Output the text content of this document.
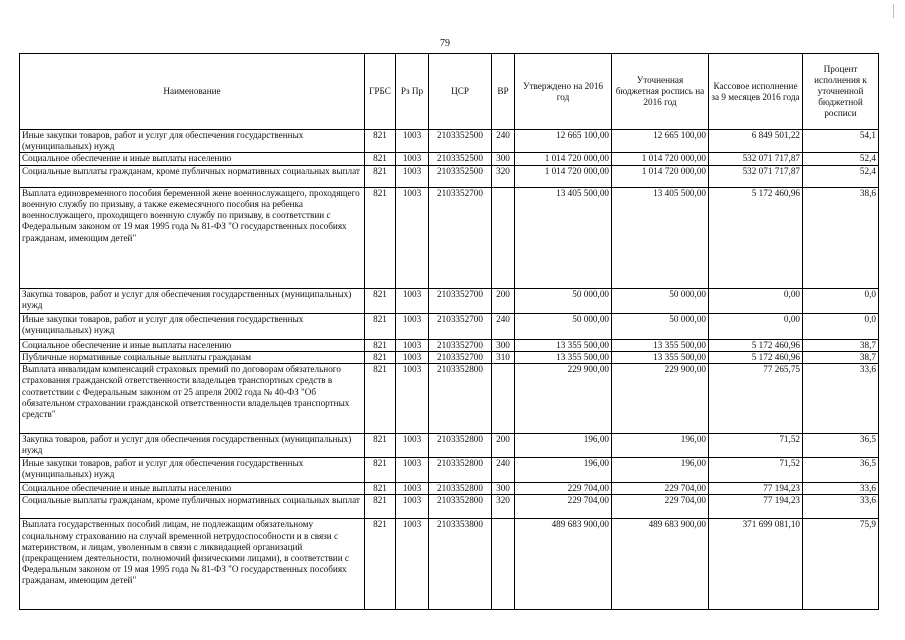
79
Наименование	ГРБС	Рз Пр	ЦСР	ВР	Утверждено на 2016 год	Уточненная бюджетная роспись на 2016 год	Кассовое исполнение за 9 месяцев 2016 года	Процент исполнения к уточненной бюджетной росписи
Иные закупки товаров, работ и услуг для обеспечения государственных (муниципальных) нужд	821	1003	2103352500	240	12 665 100,00	12 665 100,00	6 849 501,22	54,1
Социальное обеспечение и иные выплаты населению	821	1003	2103352500	300	1 014 720 000,00	1 014 720 000,00	532 071 717,87	52,4
Социальные выплаты гражданам, кроме публичных нормативных социальных выплат	821	1003	2103352500	320	1 014 720 000,00	1 014 720 000,00	532 071 717,87	52,4
Выплата единовременного пособия беременной жене военнослужащего, проходящего военную службу по призыву, а также ежемесячного пособия на ребенка военнослужащего, проходящего военную службу по призыву, в соответствии с Федеральным законом от 19 мая 1995 года № 81-ФЗ "О государственных пособиях гражданам, имеющим детей"	821	1003	2103352700		13 405 500,00	13 405 500,00	5 172 460,96	38,6
Закупка товаров, работ и услуг для обеспечения государственных (муниципальных) нужд	821	1003	2103352700	200	50 000,00	50 000,00	0,00	0,0
Иные закупки товаров, работ и услуг для обеспечения государственных (муниципальных) нужд	821	1003	2103352700	240	50 000,00	50 000,00	0,00	0,0
Социальное обеспечение и иные выплаты населению	821	1003	2103352700	300	13 355 500,00	13 355 500,00	5 172 460,96	38,7
Публичные нормативные социальные выплаты гражданам	821	1003	2103352700	310	13 355 500,00	13 355 500,00	5 172 460,96	38,7
Выплата инвалидам компенсаций страховых премий по договорам обязательного страхования гражданской ответственности владельцев транспортных средств в соответствии с Федеральным законом от 25 апреля 2002 года № 40-ФЗ "Об обязательном страховании гражданской ответственности владельцев транспортных средств"	821	1003	2103352800		229 900,00	229 900,00	77 265,75	33,6
Закупка товаров, работ и услуг для обеспечения государственных (муниципальных) нужд	821	1003	2103352800	200	196,00	196,00	71,52	36,5
Иные закупки товаров, работ и услуг для обеспечения государственных (муниципальных) нужд	821	1003	2103352800	240	196,00	196,00	71,52	36,5
Социальное обеспечение и иные выплаты населению	821	1003	2103352800	300	229 704,00	229 704,00	77 194,23	33,6
Социальные выплаты гражданам, кроме публичных нормативных социальных выплат	821	1003	2103352800	320	229 704,00	229 704,00	77 194,23	33,6
Выплата государственных пособий лицам, не подлежащим обязательному социальному страхованию на случай временной нетрудоспособности и в связи с материнством, и лицам, уволенным в связи с ликвидацией организаций (прекращением деятельности, полномочий физическими лицами), в соответствии с Федеральным законом от 19 мая 1995 года № 81-ФЗ "О государственных пособиях гражданам, имеющим детей"	821	1003	2103353800		489 683 900,00	489 683 900,00	371 699 081,10	75,9
